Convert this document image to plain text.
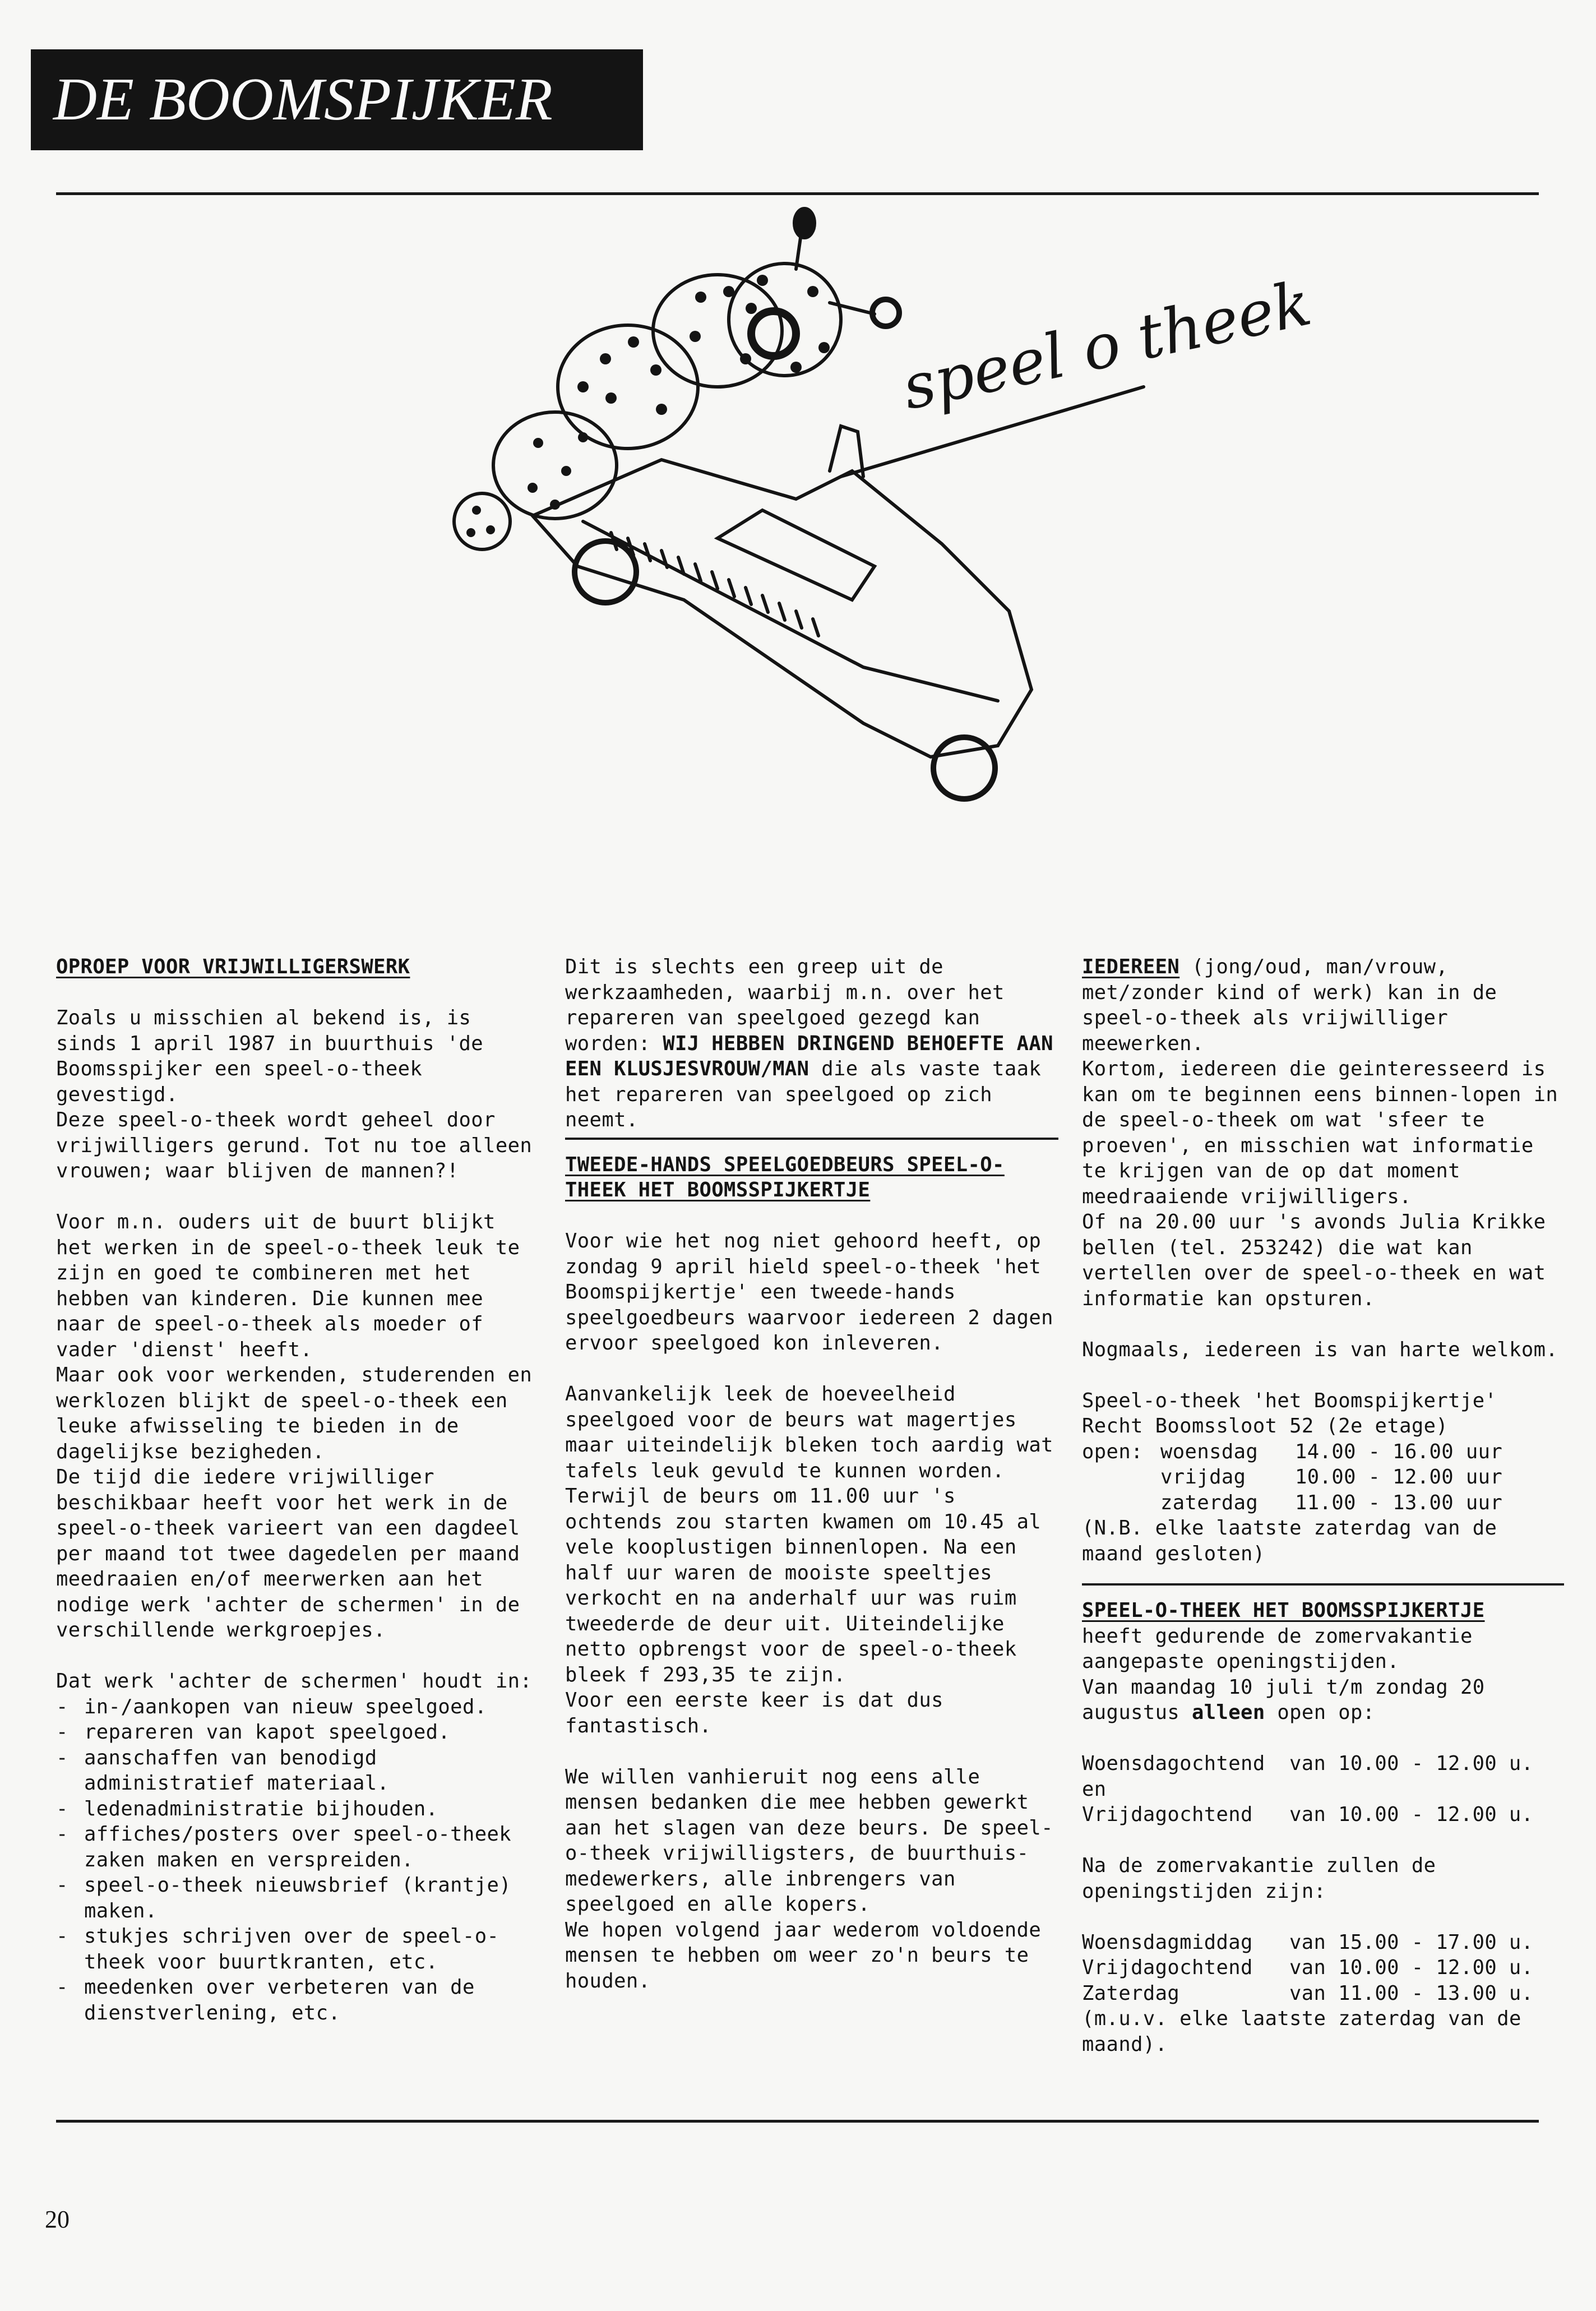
DE BOOMSPIJKER
speel o theek

OPROEP VOOR VRIJWILLIGERSWERK

Zoals u misschien al bekend is, is sinds 1 april 1987 in buurthuis 'de Boomsspijker een speel-o-theek gevestigd.
Deze speel-o-theek wordt geheel door vrijwilligers gerund. Tot nu toe alleen vrouwen; waar blijven de mannen?!

Voor m.n. ouders uit de buurt blijkt het werken in de speel-o-theek leuk te zijn en goed te combineren met het hebben van kinderen. Die kunnen mee naar de speel-o-theek als moeder of vader 'dienst' heeft.
Maar ook voor werkenden, studerenden en werklozen blijkt de speel-o-theek een leuke afwisseling te bieden in de dagelijkse bezigheden.
De tijd die iedere vrijwilliger beschikbaar heeft voor het werk in de speel-o-theek varieert van een dagdeel per maand tot twee dagedelen per maand meedraaien en/of meerwerken aan het nodige werk 'achter de schermen' in de verschillende werkgroepjes.

Dat werk 'achter de schermen' houdt in:

- in-/aankopen van nieuw speelgoed.
- repareren van kapot speelgoed.
- aanschaffen van benodigd administratief materiaal.
- ledenadministratie bijhouden.
- affiches/posters over speel-o-theek zaken maken en verspreiden.
- speel-o-theek nieuwsbrief (krantje) maken.
- stukjes schrijven over de speel-o-theek voor buurtkranten, etc.
- meedenken over verbeteren van de dienstverlening, etc.

Dit is slechts een greep uit de werkzaamheden, waarbij m.n. over het repareren van speelgoed gezegd kan worden: WIJ HEBBEN DRINGEND BEHOEFTE AAN EEN KLUSJESVROUW/MAN die als vaste taak het repareren van speelgoed op zich neemt.

TWEEDE-HANDS SPEELGOEDBEURS SPEEL-O-THEEK HET BOOMSSPIJKERTJE

Voor wie het nog niet gehoord heeft, op zondag 9 april hield speel-o-theek 'het Boomspijkertje' een tweede-hands speelgoedbeurs waarvoor iedereen 2 dagen ervoor speelgoed kon inleveren.

Aanvankelijk leek de hoeveelheid speelgoed voor de beurs wat magertjes maar uiteindelijk bleken toch aardig wat tafels leuk gevuld te kunnen worden.
Terwijl de beurs om 11.00 uur 's ochtends zou starten kwamen om 10.45 al vele kooplustigen binnenlopen. Na een half uur waren de mooiste speeltjes verkocht en na anderhalf uur was ruim tweederde de deur uit. Uiteindelijke netto opbrengst voor de speel-o-theek bleek f 293,35 te zijn.
Voor een eerste keer is dat dus fantastisch.

We willen vanhieruit nog eens alle mensen bedanken die mee hebben gewerkt aan het slagen van deze beurs. De speel-o-theek vrijwilligsters, de buurthuis-medewerkers, alle inbrengers van speelgoed en alle kopers.
We hopen volgend jaar wederom voldoende mensen te hebben om weer zo'n beurs te houden.

IEDEREEN (jong/oud, man/vrouw, met/zonder kind of werk) kan in de speel-o-theek als vrijwilliger meewerken.
Kortom, iedereen die geinteresseerd is kan om te beginnen eens binnen-lopen in de speel-o-theek om wat 'sfeer te proeven', en misschien wat informatie te krijgen van de op dat moment meedraaiende vrijwilligers.
Of na 20.00 uur 's avonds Julia Krikke bellen (tel. 253242) die wat kan vertellen over de speel-o-theek en wat informatie kan opsturen.

Nogmaals, iedereen is van harte welkom.

Speel-o-theek 'het Boomspijkertje'

Recht Boomssloot 52 (2e etage)

open: woensdag	14.00 - 16.00 uur
vrijdag	10.00 - 12.00 uur
zaterdag	11.00 - 13.00 uur

(N.B. elke laatste zaterdag van de maand gesloten)

SPEEL-O-THEEK HET BOOMSSPIJKERTJE

heeft gedurende de zomervakantie aangepaste openingstijden.
Van maandag 10 juli t/m zondag 20 augustus alleen open op:

Woensdagochtend	van 10.00 - 12.00 u.
en
Vrijdagochtend	van 10.00 - 12.00 u.

Na de zomervakantie zullen de openingstijden zijn:

Woensdagmiddag	van 15.00 - 17.00 u.
Vrijdagochtend	van 10.00 - 12.00 u.
Zaterdag	van 11.00 - 13.00 u.

(m.u.v. elke laatste zaterdag van de maand).

20
